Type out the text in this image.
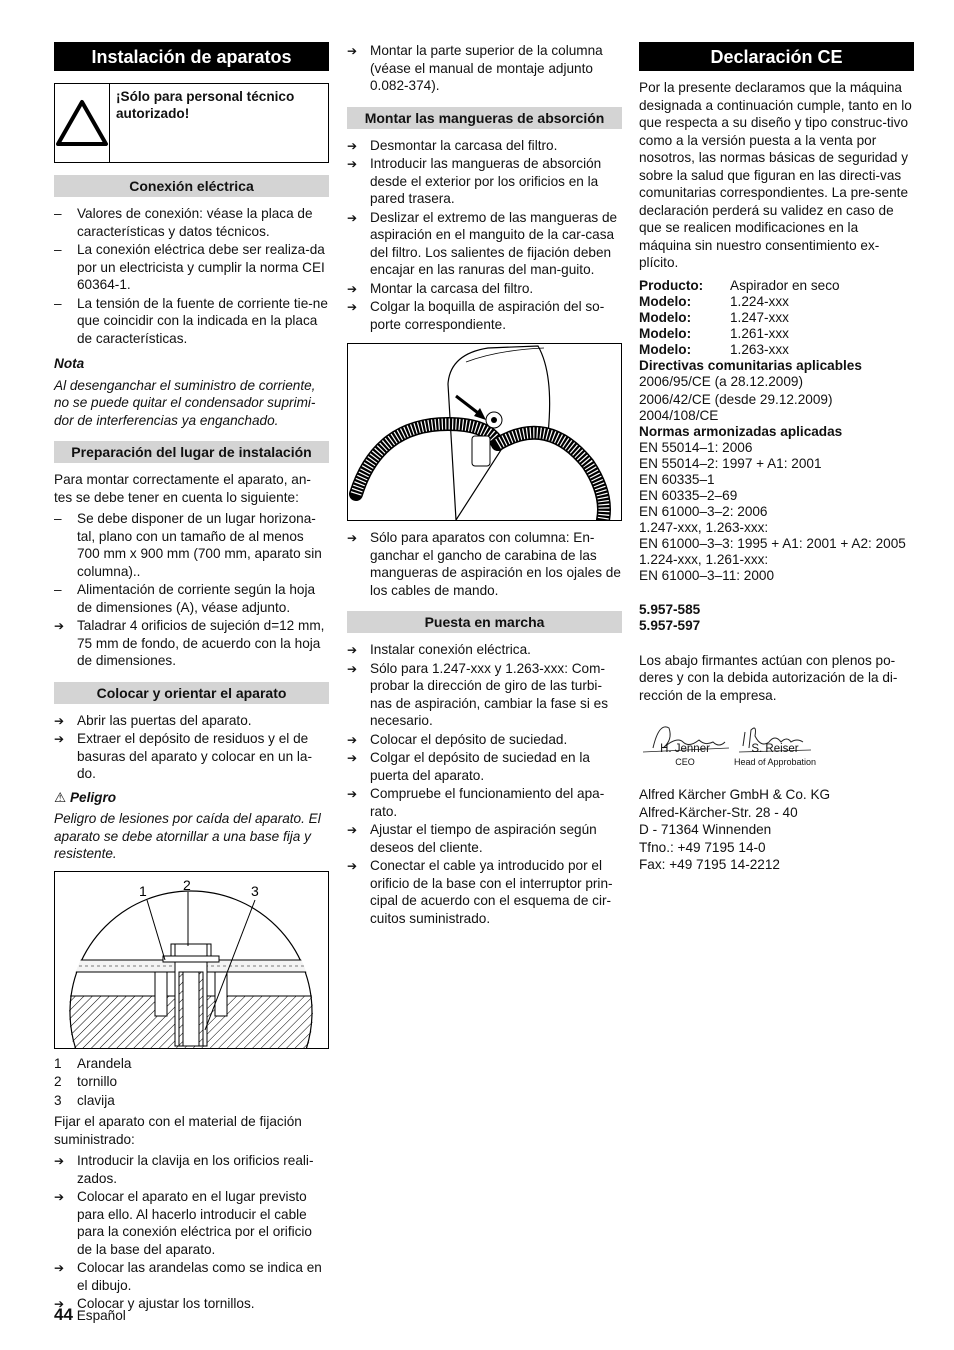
Instalación de aparatos
¡Sólo para personal técnico autorizado!
Conexión eléctrica
–
Valores de conexión: véase la placa de características y datos técnicos.
–
La conexión eléctrica debe ser realiza-da por un electricista y cumplir la norma CEI 60364-1.
–
La tensión de la fuente de corriente tie-ne que coincidir con la indicada en la placa de características.

Nota

Al desenganchar el suministro de corriente, no se puede quitar el condensador suprimi-dor de interferencias ya enganchado.

Preparación del lugar de instalación

Para montar correctamente el aparato, an-tes se debe tener en cuenta lo siguiente:

–
Se debe disponer de un lugar horizona-tal, plano con un tamaño de al menos 700 mm x 900 mm (700 mm, aparato sin columna)..
–
Alimentación de corriente según la hoja de dimensiones (A), véase adjunto.
➔
Taladrar 4 orificios de sujeción d=12 mm, 75 mm de fondo, de acuerdo con la hoja de dimensiones.
Colocar y orientar el aparato
➔
Abrir las puertas del aparato.
➔
Extraer el depósito de residuos y el de basuras del aparato y colocar en un la-do.

⚠ Peligro

Peligro de lesiones por caída del aparato. El aparato se debe atornillar a una base fija y resistente.

1	2	3
1	Arandela
2	tornillo
3	clavija

Fijar el aparato con el material de fijación suministrado:

➔
Introducir la clavija en los orificios reali-zados.
➔
Colocar el aparato en el lugar previsto para ello. Al hacerlo introducir el cable para la conexión eléctrica por el orificio de la base del aparato.
➔
Colocar las arandelas como se indica en el dibujo.
➔
Colocar y ajustar los tornillos.
➔
Montar la parte superior de la columna (véase el manual de montaje adjunto 0.082-374).
Montar las mangueras de absorción
➔
Desmontar la carcasa del filtro.
➔
Introducir las mangueras de absorción desde el exterior por los orificios en la pared trasera.
➔
Deslizar el extremo de las mangueras de aspiración en el manguito de la car-casa del filtro. Los salientes de fijación deben encajar en las ranuras del man-guito.
➔
Montar la carcasa del filtro.
➔
Colgar la boquilla de aspiración del so-porte correspondiente.
➔
Sólo para aparatos con columna: En-ganchar el gancho de carabina de las mangueras de aspiración en los ojales de los cables de mando.
Puesta en marcha
➔
Instalar conexión eléctrica.
➔
Sólo para 1.247-xxx y 1.263-xxx: Com-probar la dirección de giro de las turbi-nas de aspiración, cambiar la fase si es necesario.
➔
Colocar el depósito de suciedad.
➔
Colgar el depósito de suciedad en la puerta del aparato.
➔
Compruebe el funcionamiento del apa-rato.
➔
Ajustar el tiempo de aspiración según deseos del cliente.
➔
Conectar el cable ya introducido por el orificio de la base con el interruptor prin-cipal de acuerdo con el esquema de cir-cuitos suministrado.
Declaración CE

Por la presente declaramos que la máquina designada a continuación cumple, tanto en lo que respecta a su diseño y tipo construc-tivo como a la versión puesta a la venta por nosotros, las normas básicas de seguridad y sobre la salud que figuran en las directi-vas comunitarias correspondientes. La pre-sente declaración perderá su validez en caso de que se realicen modificaciones en la máquina sin nuestro consentimiento ex-plícito.

Producto:	Aspirador en seco
Modelo:	1.224-xxx
Modelo:	1.247-xxx
Modelo:	1.261-xxx
Modelo:	1.263-xxx
Directivas comunitarias aplicables
2006/95/CE (a 28.12.2009)
2006/42/CE (desde 29.12.2009)
2004/108/CE
Normas armonizadas aplicadas
EN 55014–1: 2006
EN 55014–2: 1997 + A1: 2001
EN 60335–1
EN 60335–2–69
EN 61000–3–2: 2006
1.247-xxx, 1.263-xxx:
EN 61000–3–3: 1995 + A1: 2001 + A2: 2005
1.224-xxx, 1.261-xxx:
EN 61000–3–11: 2000
5.957-585
5.957-597

Los abajo firmantes actúan con plenos po-deres y con la debida autorización de la di-rección de la empresa.

H. Jenner
CEO
S. Reiser
Head of Approbation
Alfred Kärcher GmbH & Co. KG
Alfred-Kärcher-Str. 28 - 40
D - 71364 Winnenden
Tfno.: +49 7195 14-0
Fax: +49 7195 14-2212
44 Español
